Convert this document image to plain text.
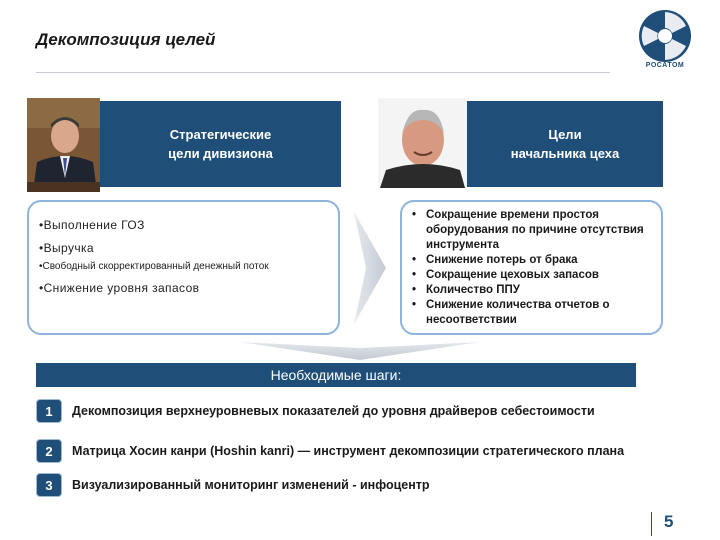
Декомпозиция целей
РОСАТОМ
Стратегические
цели дивизиона
Цели
начальника цеха
•Выполнение ГОЗ
•Выручка
•Свободный скорректированный денежный поток
•Снижение уровня запасов
• Сокращение времени простоя оборудования по причине отсутствия инструмента
• Снижение потерь от брака
• Сокращение цеховых запасов
• Количество ППУ
• Снижение количества отчетов о несоответствии
Необходимые шаги:
1	Декомпозиция верхнеуровневых показателей до уровня драйверов себестоимости
2	Матрица Хосин канри (Hoshin kanri) — инструмент декомпозиции стратегического плана
3	Визуализированный мониторинг изменений - инфоцентр
5
